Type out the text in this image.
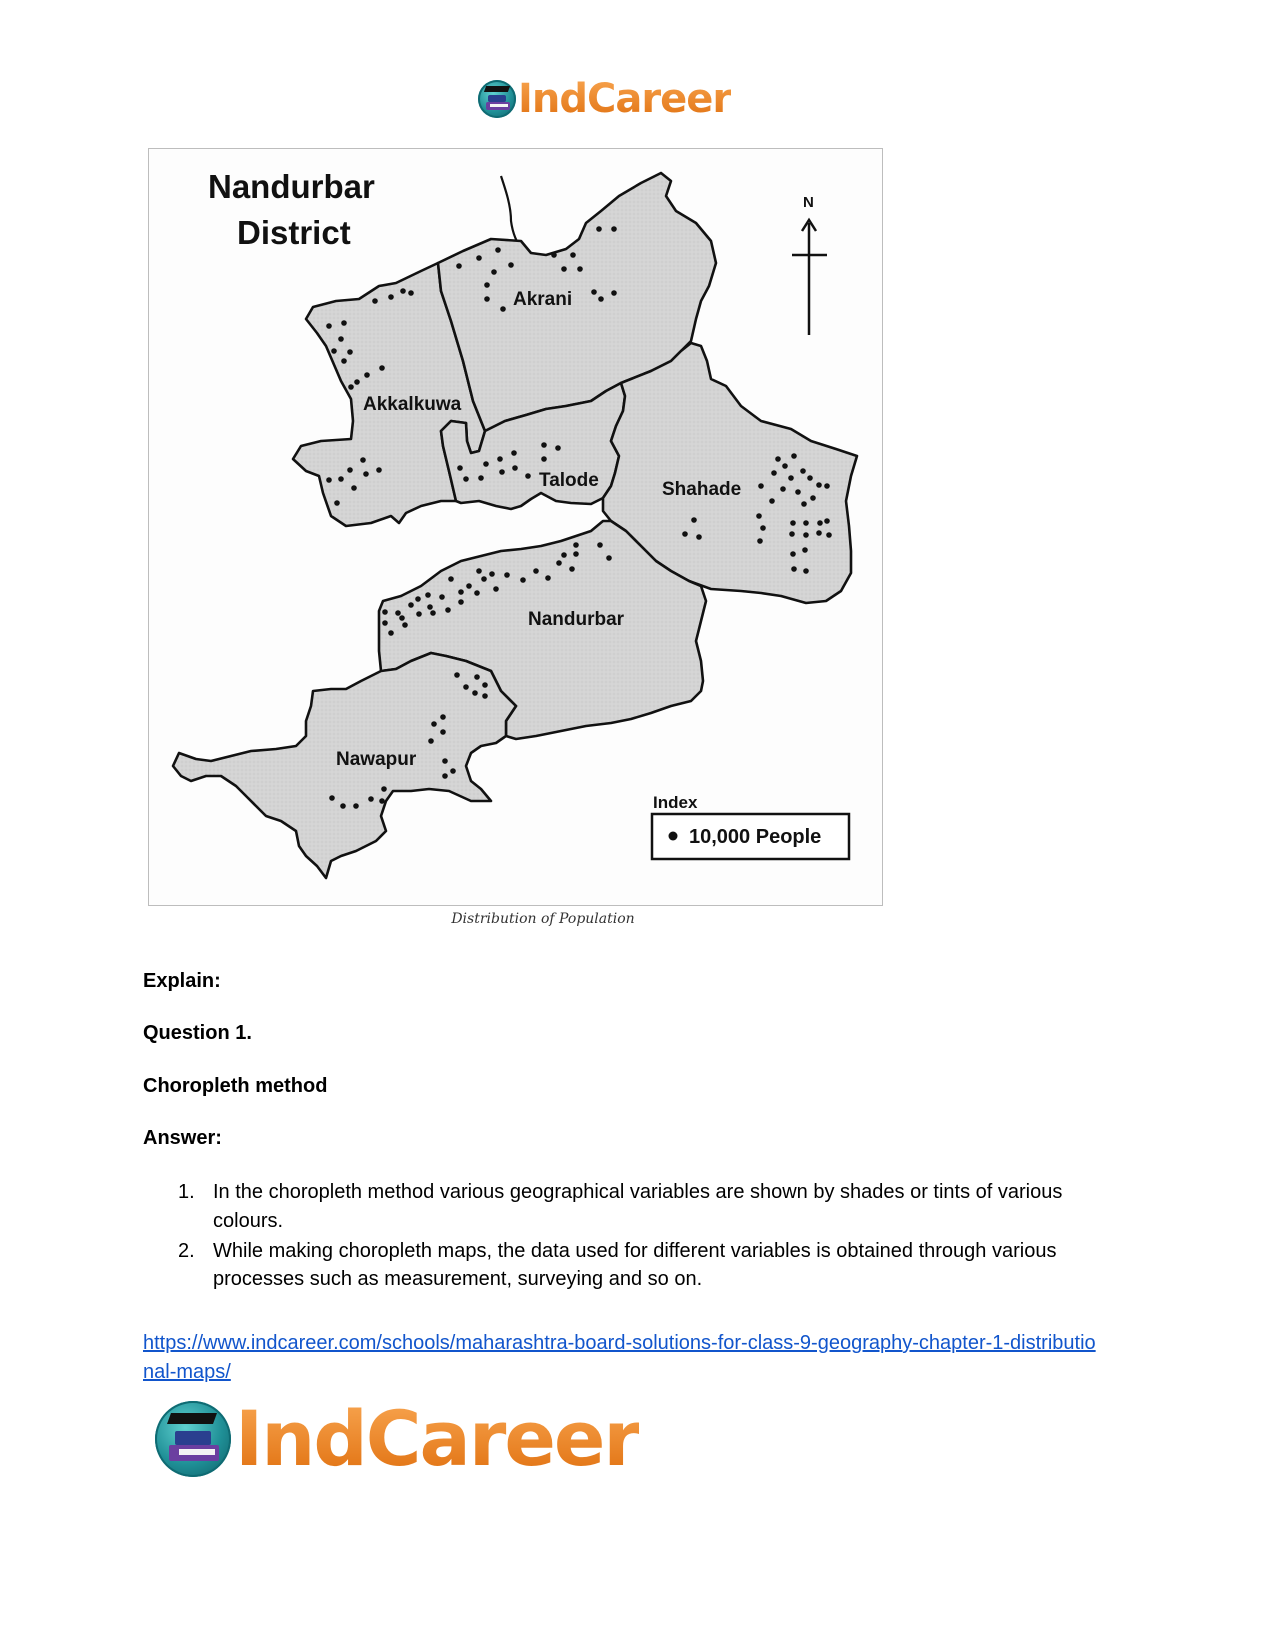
IndCareer
Nandurbar
District
N
Akrani
Akkalkuwa
Talode	Shahade
Nandurbar
Nawapur
Index
10,000 People
Distribution of Population
Explain:
Question 1.
Choropleth method
Answer:
1. In the choropleth method various geographical variables are shown by shades or tints of various colours.
2. While making choropleth maps, the data used for different variables is obtained through various processes such as measurement, surveying and so on.
https://www.indcareer.com/schools/maharashtra-board-solutions-for-class-9-geography-chapter-1-distributional-maps/
IndCareer
